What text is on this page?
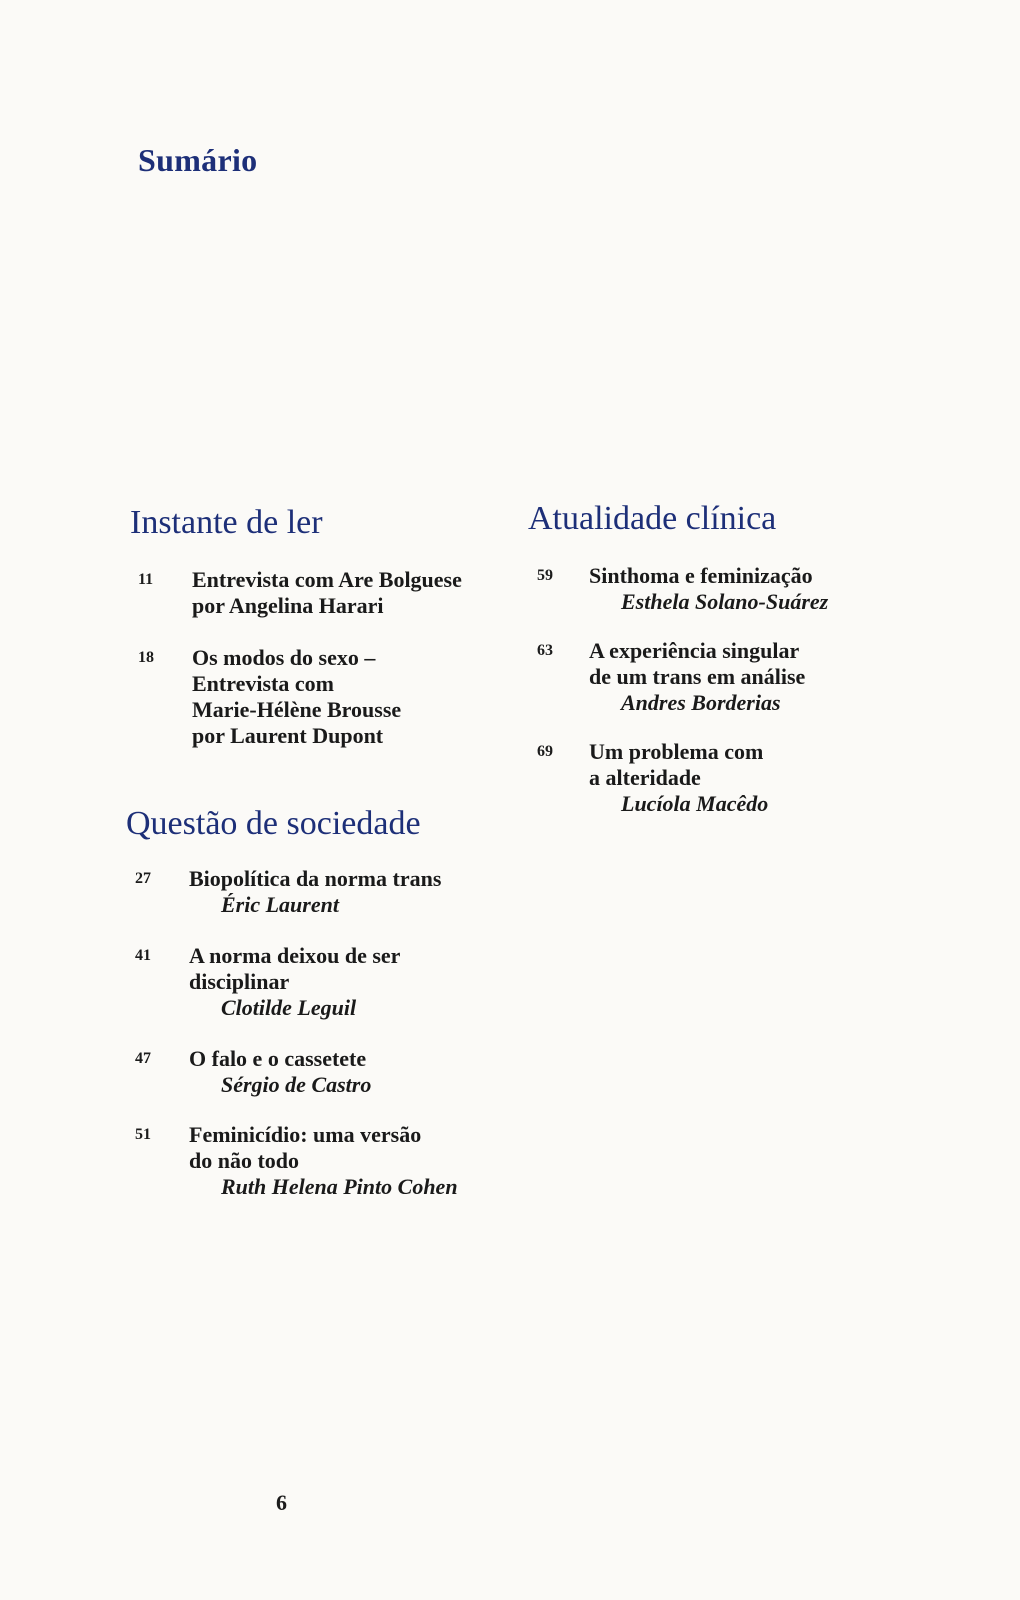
Sumário
Instante de ler
11 Entrevista com Are Bolguese
por Angelina Harari
18 Os modos do sexo –
Entrevista com
Marie-Hélène Brousse
por Laurent Dupont
Questão de sociedade
27 Biopolítica da norma trans
Éric Laurent
41 A norma deixou de ser
disciplinar
Clotilde Leguil
47 O falo e o cassetete
Sérgio de Castro
51 Feminicídio: uma versão
do não todo
Ruth Helena Pinto Cohen
Atualidade clínica
59 Sinthoma e feminização
Esthela Solano-Suárez
63 A experiência singular
de um trans em análise
Andres Borderias
69 Um problema com
a alteridade
Lucíola Macêdo
6
